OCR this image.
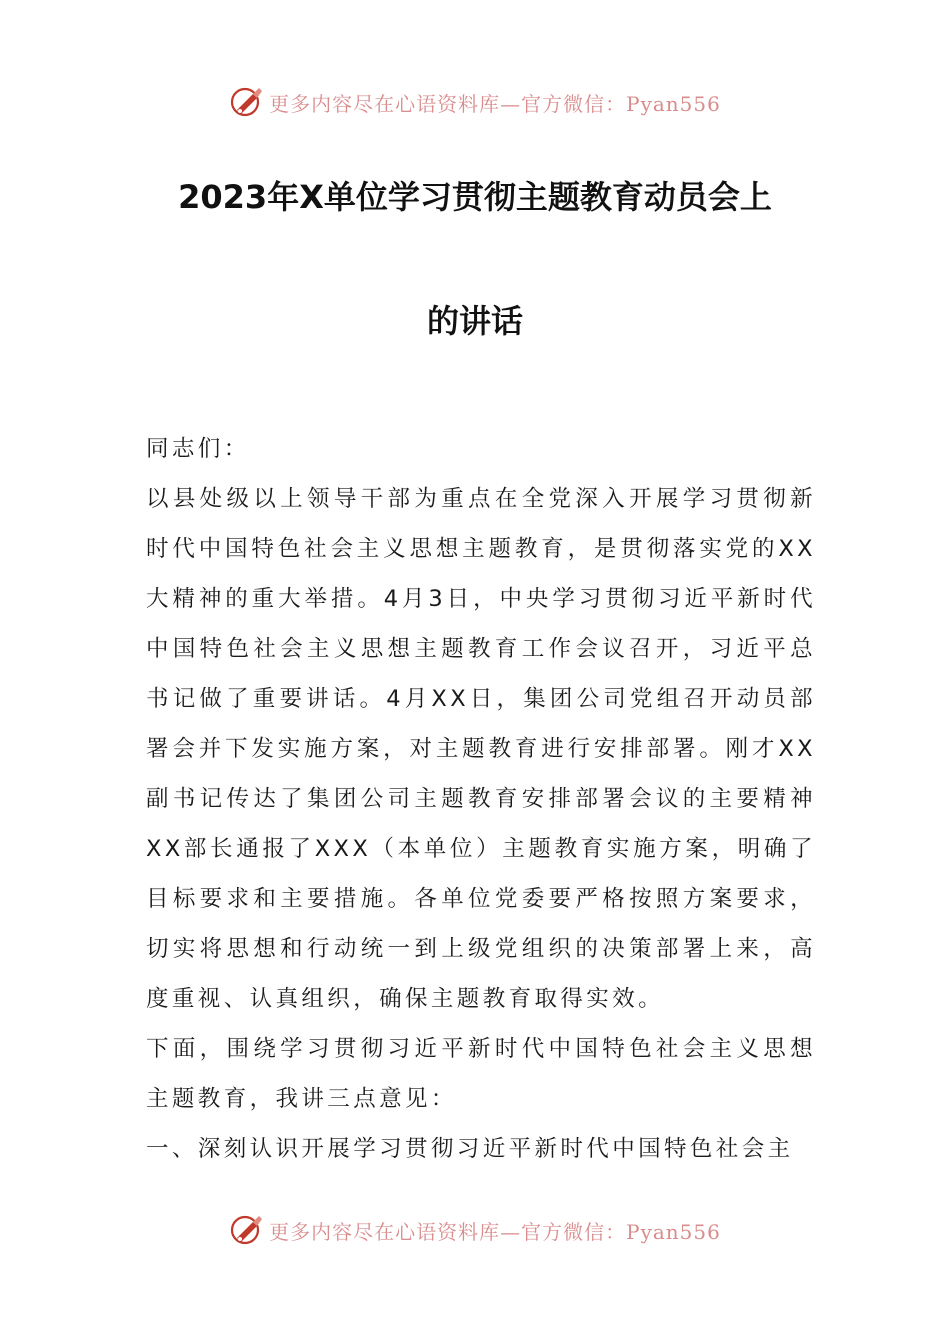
更多内容尽在心语资料库—官方微信：Pyan556
2023年X单位学习贯彻主题教育动员会上
的讲话

同志们：

以县处级以上领导干部为重点在全党深入开展学习贯彻新时代中国特色社会主义思想主题教育，是贯彻落实党的XX大精神的重大举措。4月3日，中央学习贯彻习近平新时代中国特色社会主义思想主题教育工作会议召开，习近平总书记做了重要讲话。4月XX日，集团公司党组召开动员部署会并下发实施方案，对主题教育进行安排部署。刚才XX副书记传达了集团公司主题教育安排部署会议的主要精神XX部长通报了XXX（本单位）主题教育实施方案，明确了目标要求和主要措施。各单位党委要严格按照方案要求，切实将思想和行动统一到上级党组织的决策部署上来，高度重视、认真组织，确保主题教育取得实效。

下面，围绕学习贯彻习近平新时代中国特色社会主义思想主题教育，我讲三点意见：

一、深刻认识开展学习贯彻习近平新时代中国特色社会主

更多内容尽在心语资料库—官方微信：Pyan556
